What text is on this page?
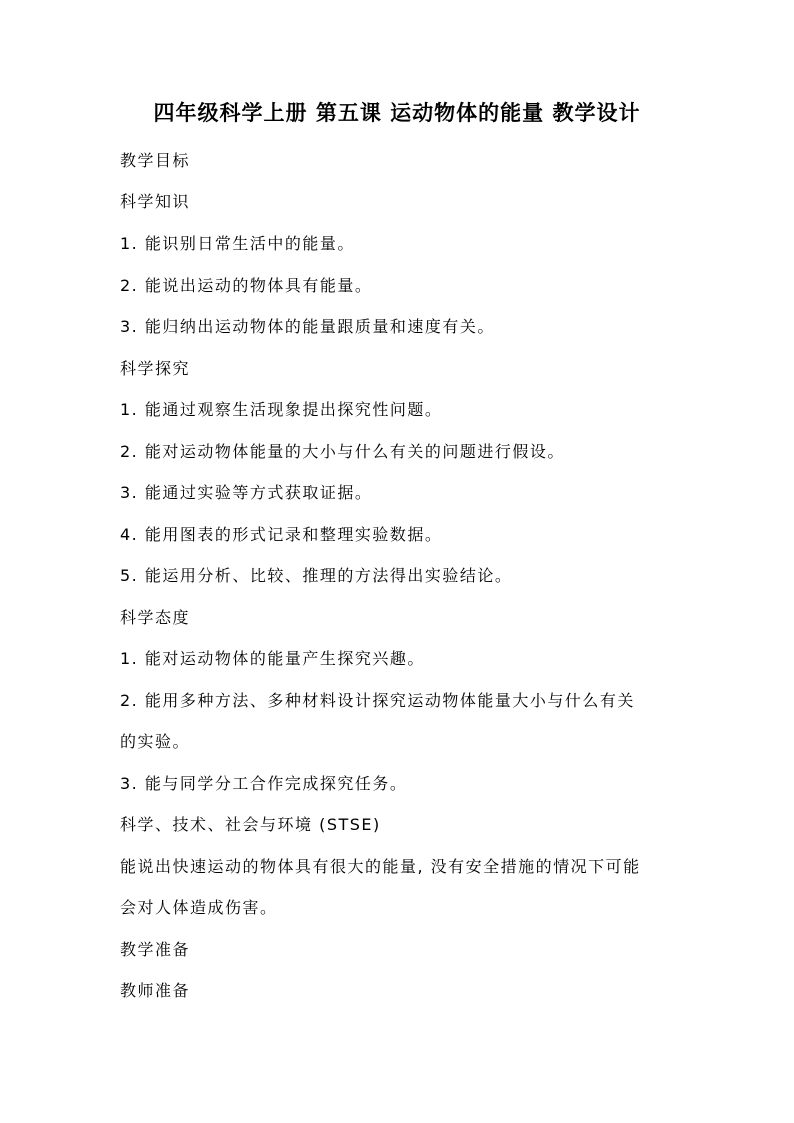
四年级科学上册 第五课 运动物体的能量 教学设计
教学目标
科学知识
1. 能识别日常生活中的能量。
2. 能说出运动的物体具有能量。
3. 能归纳出运动物体的能量跟质量和速度有关。
科学探究
1. 能通过观察生活现象提出探究性问题。
2. 能对运动物体能量的大小与什么有关的问题进行假设。
3. 能通过实验等方式获取证据。
4. 能用图表的形式记录和整理实验数据。
5. 能运用分析、比较、推理的方法得出实验结论。
科学态度
1. 能对运动物体的能量产生探究兴趣。
2. 能用多种方法、多种材料设计探究运动物体能量大小与什么有关
的实验。
3. 能与同学分工合作完成探究任务。
科学、技术、社会与环境 (STSE)
能说出快速运动的物体具有很大的能量, 没有安全措施的情况下可能
会对人体造成伤害。
教学准备
教师准备
